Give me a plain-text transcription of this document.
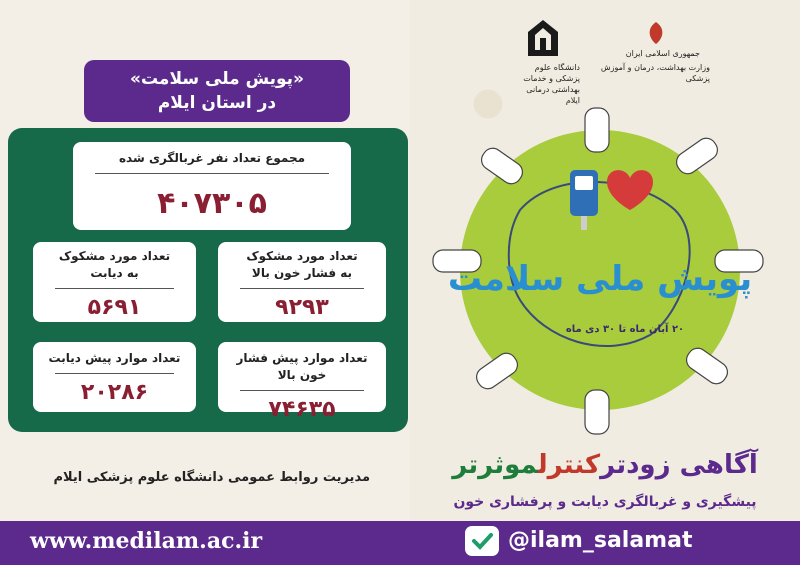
«پویش ملی سلامت»
در استان ایلام
مجموع تعداد نفر غربالگری شده
۴۰۷۳۰۵
تعداد مورد مشکوک
به دیابت
۵۶۹۱
تعداد مورد مشکوک
به فشار خون بالا
۹۲۹۳
تعداد موارد پیش دیابت
۲۰۲۸۶
تعداد موارد پیش فشار خون بالا
۷۴۶۳۵
مدیریت روابط عمومی دانشگاه علوم پزشکی ایلام
دانشگاه علوم پزشکی و خدمات بهداشتی درمانی ایلام
جمهوری اسلامی ایران
وزارت بهداشت، درمان و آموزش پزشکی
پویش ملی سلامت
۲۰ آبان ماه تا ۳۰ دی ماه
آگاهی زودترکنترلموثرتر
پیشگیری و غربالگری دیابت و پرفشاری خون
www.medilam.ac.ir	@ilam_salamat
